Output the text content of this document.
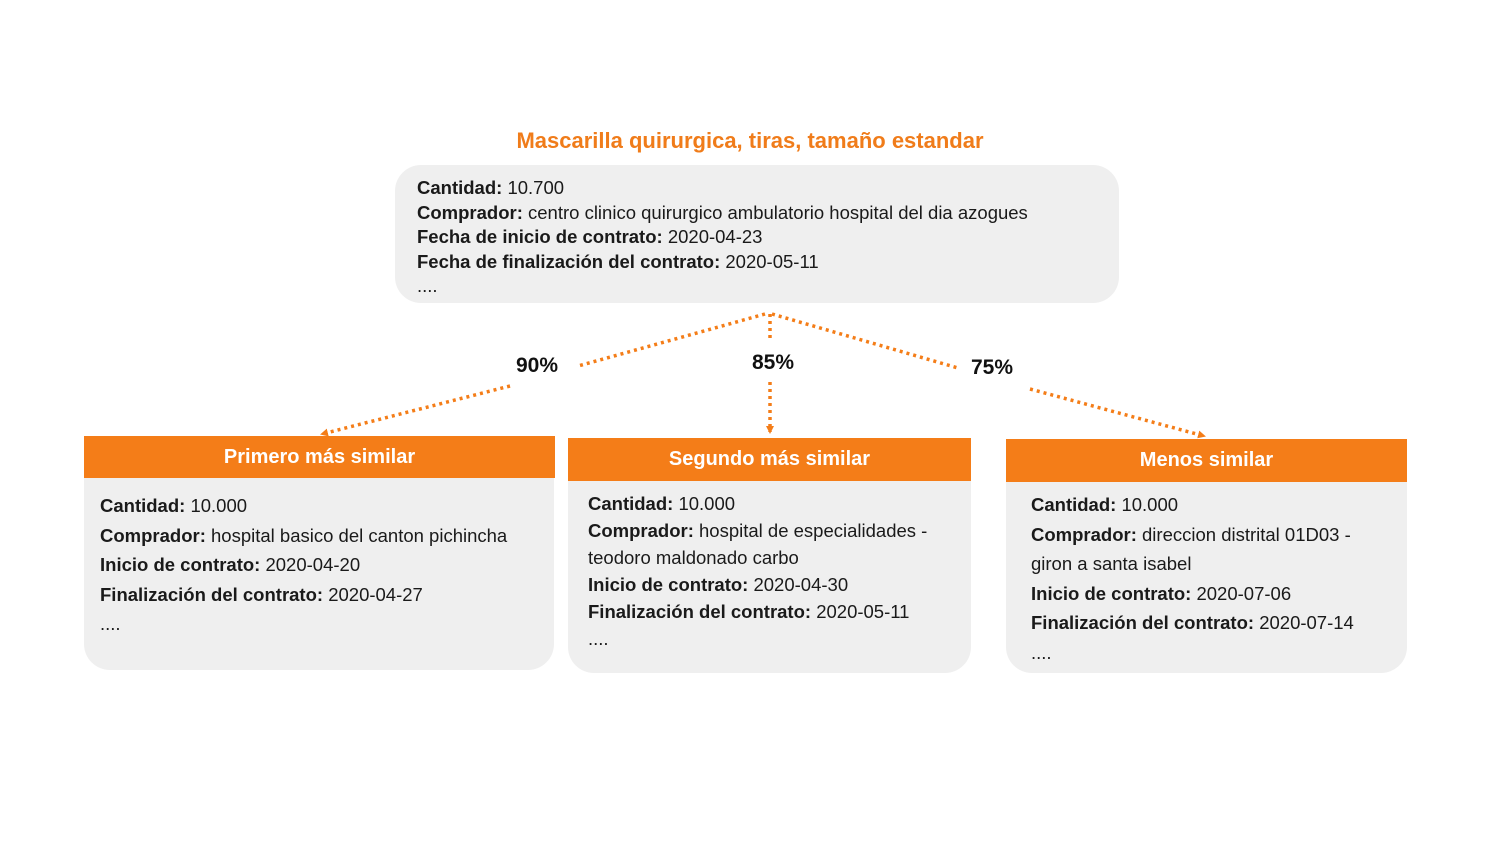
Mascarilla quirurgica, tiras, tamaño estandar
Cantidad: 10.700
Comprador: centro clinico quirurgico ambulatorio hospital del dia azogues
Fecha de inicio de contrato: 2020-04-23
Fecha de finalización del contrato: 2020-05-11
....
90%	85%	75%
Primero más similar
Cantidad: 10.000
Comprador: hospital basico del canton pichincha
Inicio de contrato: 2020-04-20
Finalización del contrato: 2020-04-27
....
Segundo más similar
Cantidad: 10.000
Comprador: hospital de especialidades - teodoro maldonado carbo
Inicio de contrato: 2020-04-30
Finalización del contrato: 2020-05-11
....
Menos similar
Cantidad: 10.000
Comprador: direccion distrital 01D03 - giron a santa isabel
Inicio de contrato: 2020-07-06
Finalización del contrato: 2020-07-14
....
